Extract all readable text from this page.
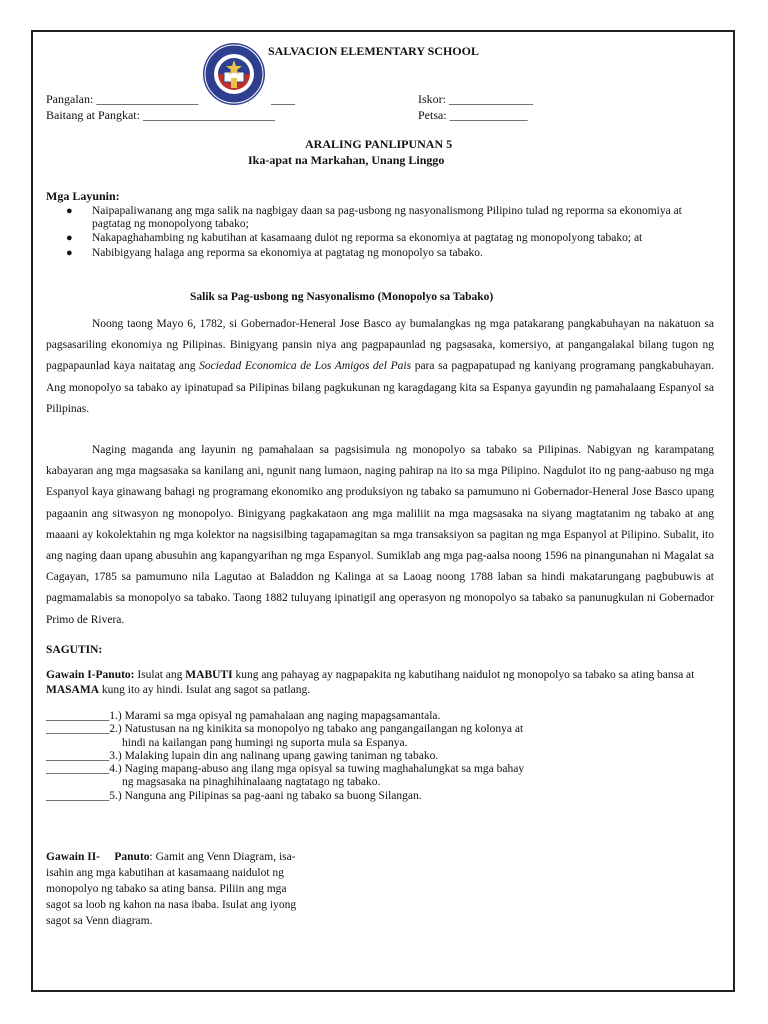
SALVACION ELEMENTARY SCHOOL
Pangalan: _________________	____
Baitang at Pangkat: ______________________
Iskor: ______________
Petsa: _____________
ARALING PANLIPUNAN 5
Ika-apat na Markahan, Unang Linggo
Mga Layunin:
● Naipapaliwanang ang mga salik na nagbigay daan sa pag-usbong ng nasyonalismong Pilipino tulad ng reporma sa ekonomiya at pagtatag ng monopolyong tabako;
● Nakapaghahambing ng kabutihan at kasamaang dulot ng reporma sa ekonomiya at pagtatag ng monopolyong tabako; at
● Nabibigyang halaga ang reporma sa ekonomiya at pagtatag ng monopolyo sa tabako.
Salik sa Pag-usbong ng Nasyonalismo (Monopolyo sa Tabako)

Noong taong Mayo 6, 1782, si Gobernador-Heneral Jose Basco ay bumalangkas ng mga patakarang pangkabuhayan na nakatuon sa pagsasariling ekonomiya ng Pilipinas. Binigyang pansin niya ang pagpapaunlad ng pagsasaka, komersiyo, at pangangalakal bilang tugon ng pagpapaunlad kaya naitatag ang Sociedad Economica de Los Amigos del Pais para sa pagpapatupad ng kaniyang programang pangkabuhayan. Ang monopolyo sa tabako ay ipinatupad sa Pilipinas bilang pagkukunan ng karagdagang kita sa Espanya gayundin ng pamahalaang Espanyol sa Pilipinas.

Naging maganda ang layunin ng pamahalaan sa pagsisimula ng monopolyo sa tabako sa Pilipinas. Nabigyan ng karampatang kabayaran ang mga magsasaka sa kanilang ani, ngunit nang lumaon, naging pahirap na ito sa mga Pilipino. Nagdulot ito ng pang-aabuso ng mga Espanyol kaya ginawang bahagi ng programang ekonomiko ang produksiyon ng tabako sa pamumuno ni Gobernador-Heneral Jose Basco upang pagaanin ang sitwasyon ng monopolyo. Binigyang pagkakataon ang mga maliliit na mga magsasaka na siyang magtatanim ng tabako at ang maaani ay kokolektahin ng mga kolektor na nagsisilbing tagapamagitan sa mga transaksiyon sa pagitan ng mga Espanyol at Pilipino. Subalit, ito ang naging daan upang abusuhin ang kapangyarihan ng mga Espanyol. Sumiklab ang mga pag-aalsa noong 1596 na pinangunahan ni Magalat sa Cagayan, 1785 sa pamumuno nila Lagutao at Baladdon ng Kalinga at sa Laoag noong 1788 laban sa hindi makatarungang pagbubuwis at pagmamalabis sa monopolyo sa tabako. Taong 1882 tuluyang ipinatigil ang operasyon ng monopolyo sa tabako sa panunugkulan ni Gobernador Primo de Rivera.

SAGUTIN:
Gawain I-Panuto: Isulat ang MABUTI kung ang pahayag ay nagpapakita ng kabutihang naidulot ng monopolyo sa tabako sa ating bansa at MASAMA kung ito ay hindi. Isulat ang sagot sa patlang.
___________1.) Marami sa mga opisyal ng pamahalaan ang naging mapagsamantala.
___________2.) Natustusan na ng kinikita sa monopolyo ng tabako ang pangangailangan ng kolonya at
hindi na kailangan pang humingi ng suporta mula sa Espanya.
___________3.) Malaking lupain din ang nalinang upang gawing taniman ng tabako.
___________4.) Naging mapang-abuso ang ilang mga opisyal sa tuwing maghahalungkat sa mga bahay
ng magsasaka na pinaghihinalaang nagtatago ng tabako.
___________5.) Nanguna ang Pilipinas sa pag-aani ng tabako sa buong Silangan.

Gawain II- Panuto: Gamit ang Venn Diagram, isa-isahin ang mga kabutihan at kasamaang naidulot ng monopolyo ng tabako sa ating bansa. Piliin ang mga sagot sa loob ng kahon na nasa ibaba. Isulat ang iyong sagot sa Venn diagram.
